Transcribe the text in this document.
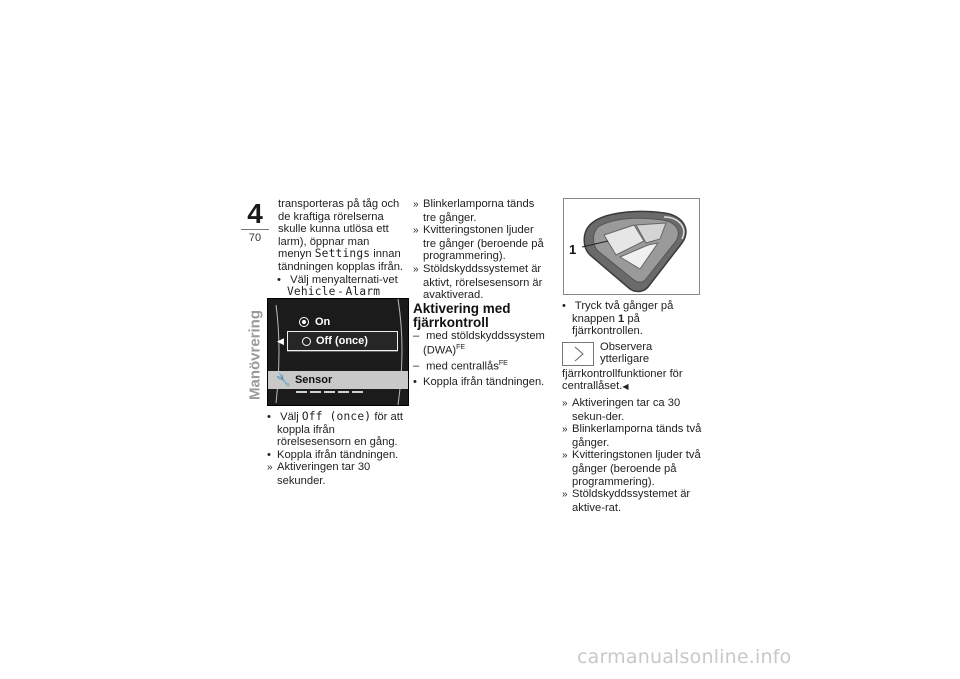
4
70
Manövrering

transporteras på tåg och de kraftiga rörelserna skulle kunna utlösa ett larm), öppnar man menyn Settings innan tändningen kopplas ifrån.

• Välj menyalternati-vet Vehicle - Alarm

On
◀	Off (once)
🔧 Sensor

• Välj Off (once) för att koppla ifrån rörelsesensorn en gång.

• Koppla ifrån tändningen.

» Aktiveringen tar 30 sekunder.

» Blinkerlamporna tänds tre gånger.

» Kvitteringstonen ljuder tre gånger (beroende på programmering).

» Stöldskyddssystemet är aktivt, rörelsesensorn är avaktiverad.

Aktivering med fjärrkontroll

– med stöldskyddssystem (DWA)$^{FE}$

– med centrallås$^{FE}$

• Koppla ifrån tändningen.

1

• Tryck två gånger på knappen 1 på fjärrkontrollen.

Observera ytterligare fjärrkontrollfunktioner för centrallåset.◀

» Aktiveringen tar ca 30 sekun-der.

» Blinkerlamporna tänds två gånger.

» Kvitteringstonen ljuder två gånger (beroende på programmering).

» Stöldskyddssystemet är aktive-rat.

carmanualsonline.info
